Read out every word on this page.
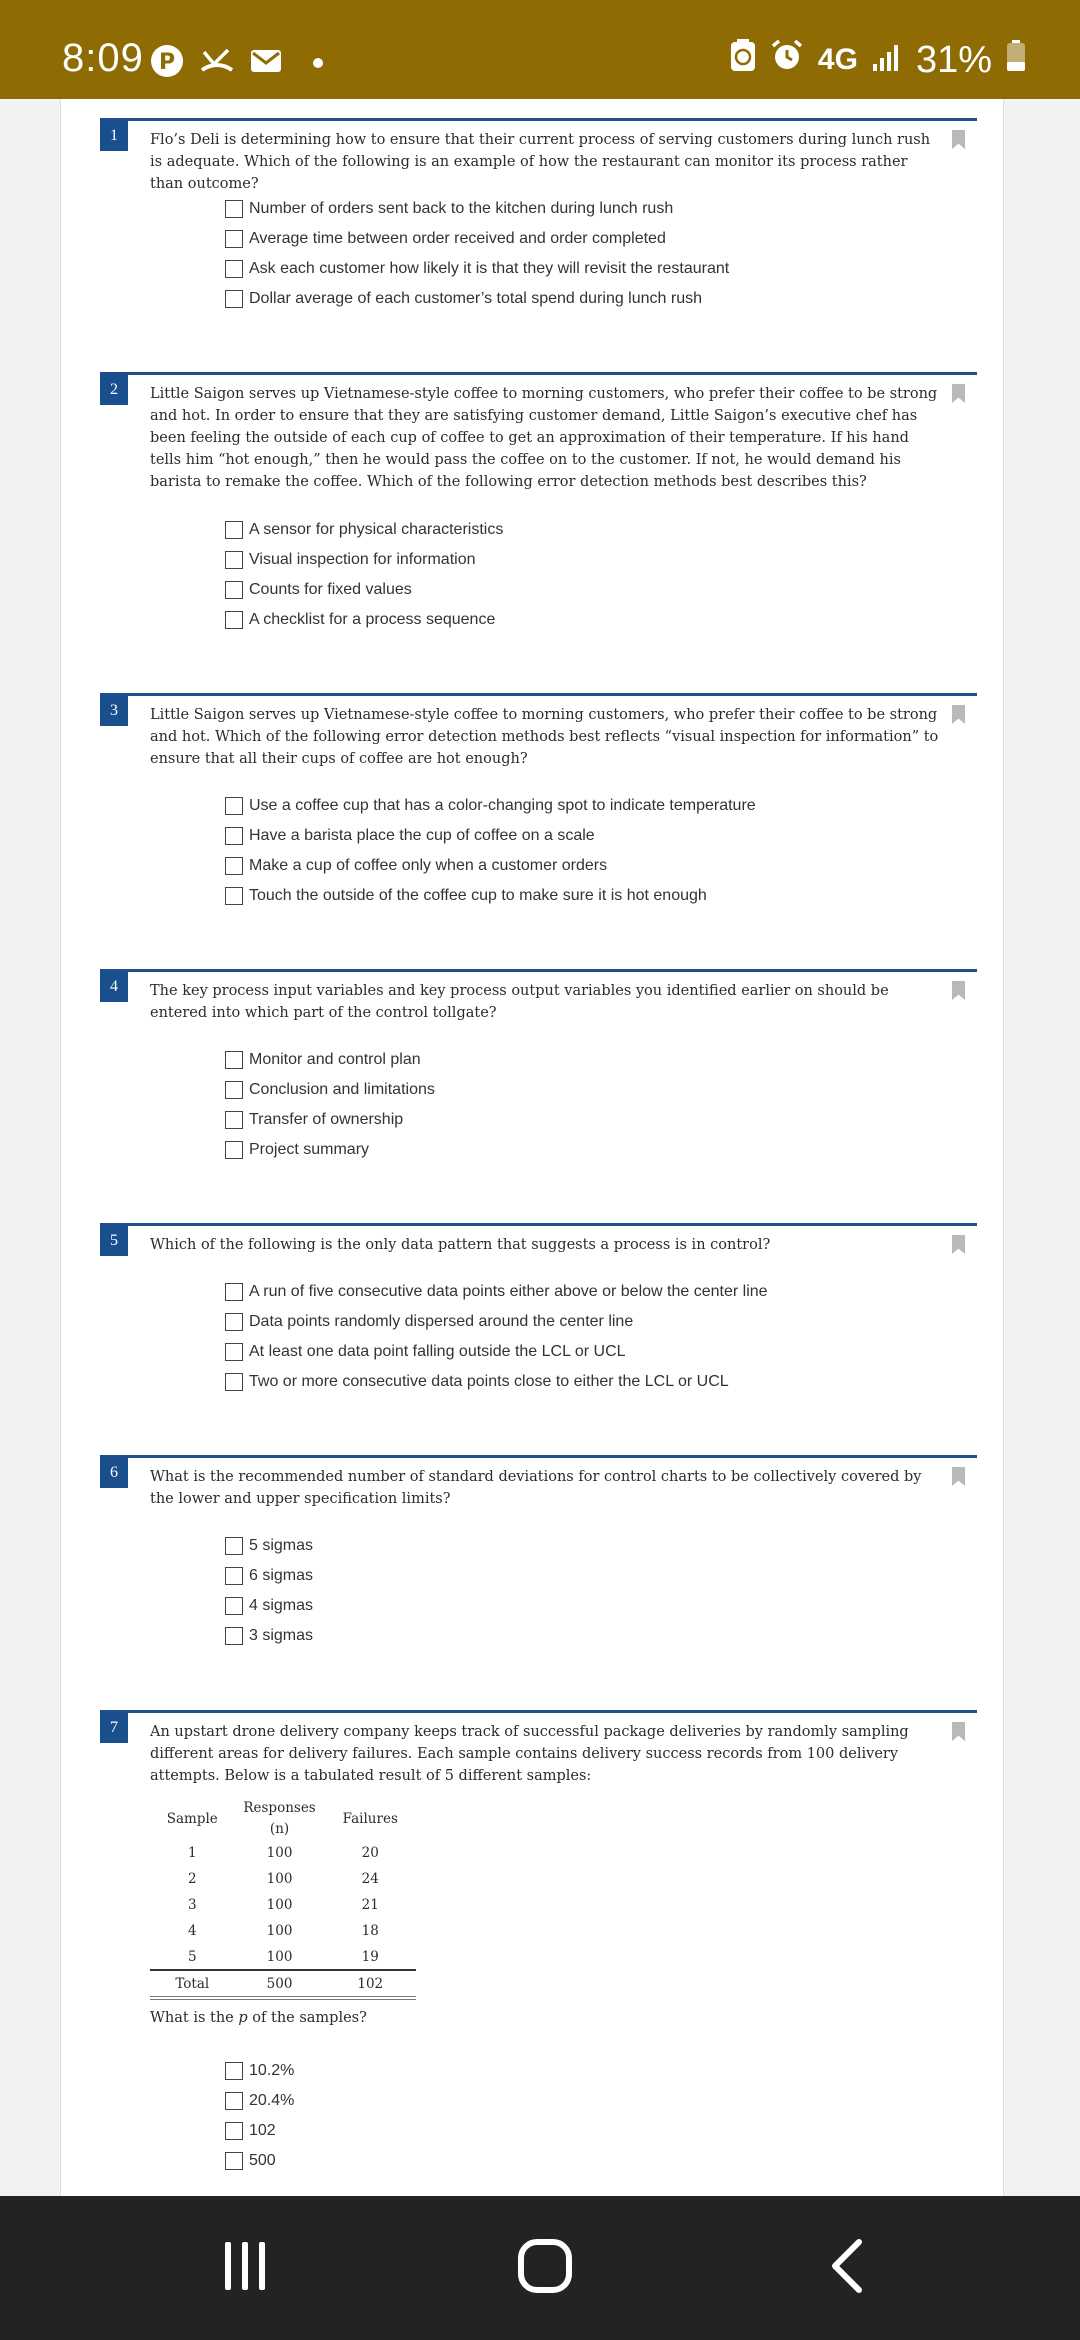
8:09 P	4G 31%
1	Flo’s Deli is determining how to ensure that their current process of serving customers during lunch rush is adequate. Which of the following is an example of how the restaurant can monitor its process rather than outcome?
Number of orders sent back to the kitchen during lunch rush
Average time between order received and order completed
Ask each customer how likely it is that they will revisit the restaurant
Dollar average of each customer’s total spend during lunch rush
2	Little Saigon serves up Vietnamese-style coffee to morning customers, who prefer their coffee to be strong and hot. In order to ensure that they are satisfying customer demand, Little Saigon’s executive chef has been feeling the outside of each cup of coffee to get an approximation of their temperature. If his hand tells him “hot enough,” then he would pass the coffee on to the customer. If not, he would demand his barista to remake the coffee. Which of the following error detection methods best describes this?
A sensor for physical characteristics
Visual inspection for information
Counts for fixed values
A checklist for a process sequence
3	Little Saigon serves up Vietnamese-style coffee to morning customers, who prefer their coffee to be strong and hot. Which of the following error detection methods best reflects “visual inspection for information” to ensure that all their cups of coffee are hot enough?
Use a coffee cup that has a color-changing spot to indicate temperature
Have a barista place the cup of coffee on a scale
Make a cup of coffee only when a customer orders
Touch the outside of the coffee cup to make sure it is hot enough
4	The key process input variables and key process output variables you identified earlier on should be entered into which part of the control tollgate?
Monitor and control plan
Conclusion and limitations
Transfer of ownership
Project summary
5	Which of the following is the only data pattern that suggests a process is in control?
A run of five consecutive data points either above or below the center line
Data points randomly dispersed around the center line
At least one data point falling outside the LCL or UCL
Two or more consecutive data points close to either the LCL or UCL
6	What is the recommended number of standard deviations for control charts to be collectively covered by the lower and upper specification limits?
5 sigmas
6 sigmas
4 sigmas
3 sigmas
7	An upstart drone delivery company keeps track of successful package deliveries by randomly sampling different areas for delivery failures. Each sample contains delivery success records from 100 delivery attempts. Below is a tabulated result of 5 different samples:
Sample	Responses (n)	Failures
1	100	20
2	100	24
3	100	21
4	100	18
5	100	19
Total	500	102
What is the p of the samples?
10.2%
20.4%
102
500
